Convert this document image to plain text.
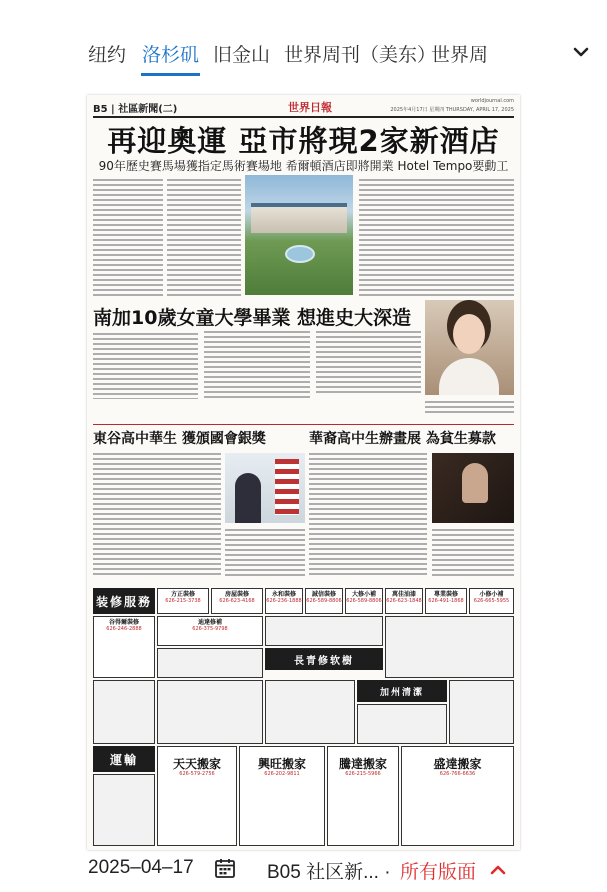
纽约 洛杉矶 旧金山 世界周刊（美东）
世界周
B5 | 社區新聞(二)	世界日報	worldjournal.com
2025年4月17日 星期四 THURSDAY, APRIL 17, 2025
再迎奧運 亞市將現2家新酒店
90年歷史賽馬場獲指定馬術賽場地 希爾頓酒店即將開業 Hotel Tempo要動工
南加10歲女童大學畢業 想進史大深造
東谷高中華生 獲頒國會銀獎	華裔高中生辦畫展 為貧生募款
装修服務	方正裝修
626-215-3738
房屋裝修
626-623-4168
永和裝修
626-236-1888
誠信裝修
626-589-8806
大修小補
626-589-8806
萬佳油漆
626-623-1848
專業裝修
626-491-1868
小修小補
626-665-5955
谷得爾裝修
626-246-2888
迪達修補
626-375-9798
長青修软樹
加州清潔
運輸	天天搬家
626-579-2756
興旺搬家
626-202-9811
騰達搬家
626-215-5966
盛達搬家
626-766-6636
2025–04–17	B05 社区新... · 所有版面
